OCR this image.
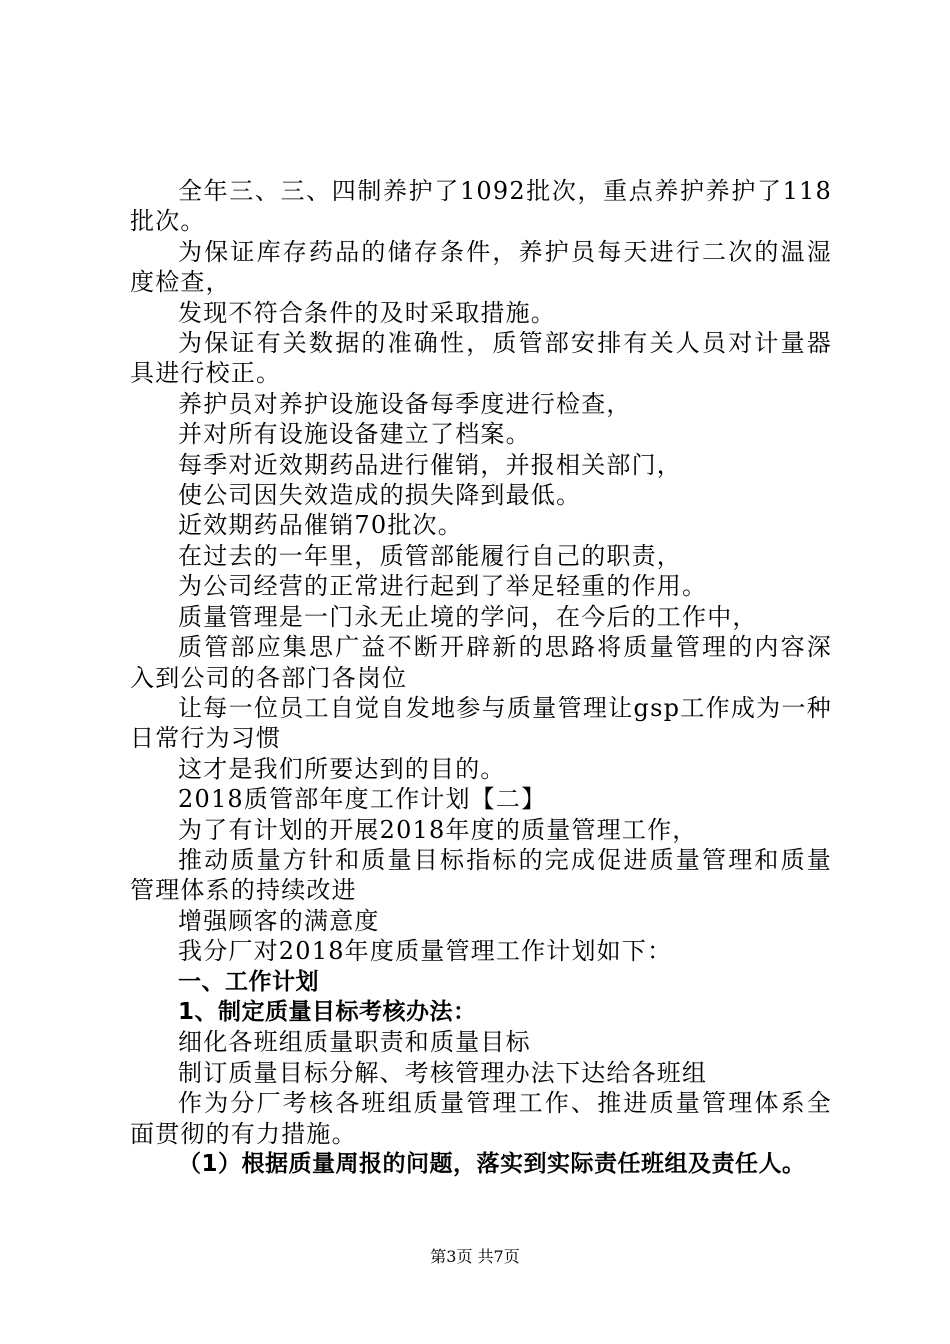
全年三、三、四制养护了1092批次，重点养护养护了118批次。

为保证库存药品的储存条件，养护员每天进行二次的温湿度检查，

发现不符合条件的及时采取措施。

为保证有关数据的准确性，质管部安排有关人员对计量器具进行校正。

养护员对养护设施设备每季度进行检查，

并对所有设施设备建立了档案。

每季对近效期药品进行催销，并报相关部门，

使公司因失效造成的损失降到最低。

近效期药品催销70批次。

在过去的一年里，质管部能履行自己的职责，

为公司经营的正常进行起到了举足轻重的作用。

质量管理是一门永无止境的学问，在今后的工作中，

质管部应集思广益不断开辟新的思路将质量管理的内容深入到公司的各部门各岗位

让每一位员工自觉自发地参与质量管理让gsp工作成为一种日常行为习惯

这才是我们所要达到的目的。

2018质管部年度工作计划【二】

为了有计划的开展2018年度的质量管理工作，

推动质量方针和质量目标指标的完成促进质量管理和质量管理体系的持续改进

增强顾客的满意度

我分厂对2018年度质量管理工作计划如下：

一、工作计划

1、制定质量目标考核办法：

细化各班组质量职责和质量目标

制订质量目标分解、考核管理办法下达给各班组

作为分厂考核各班组质量管理工作、推进质量管理体系全面贯彻的有力措施。

（1）根据质量周报的问题，落实到实际责任班组及责任人。

第3页 共7页
